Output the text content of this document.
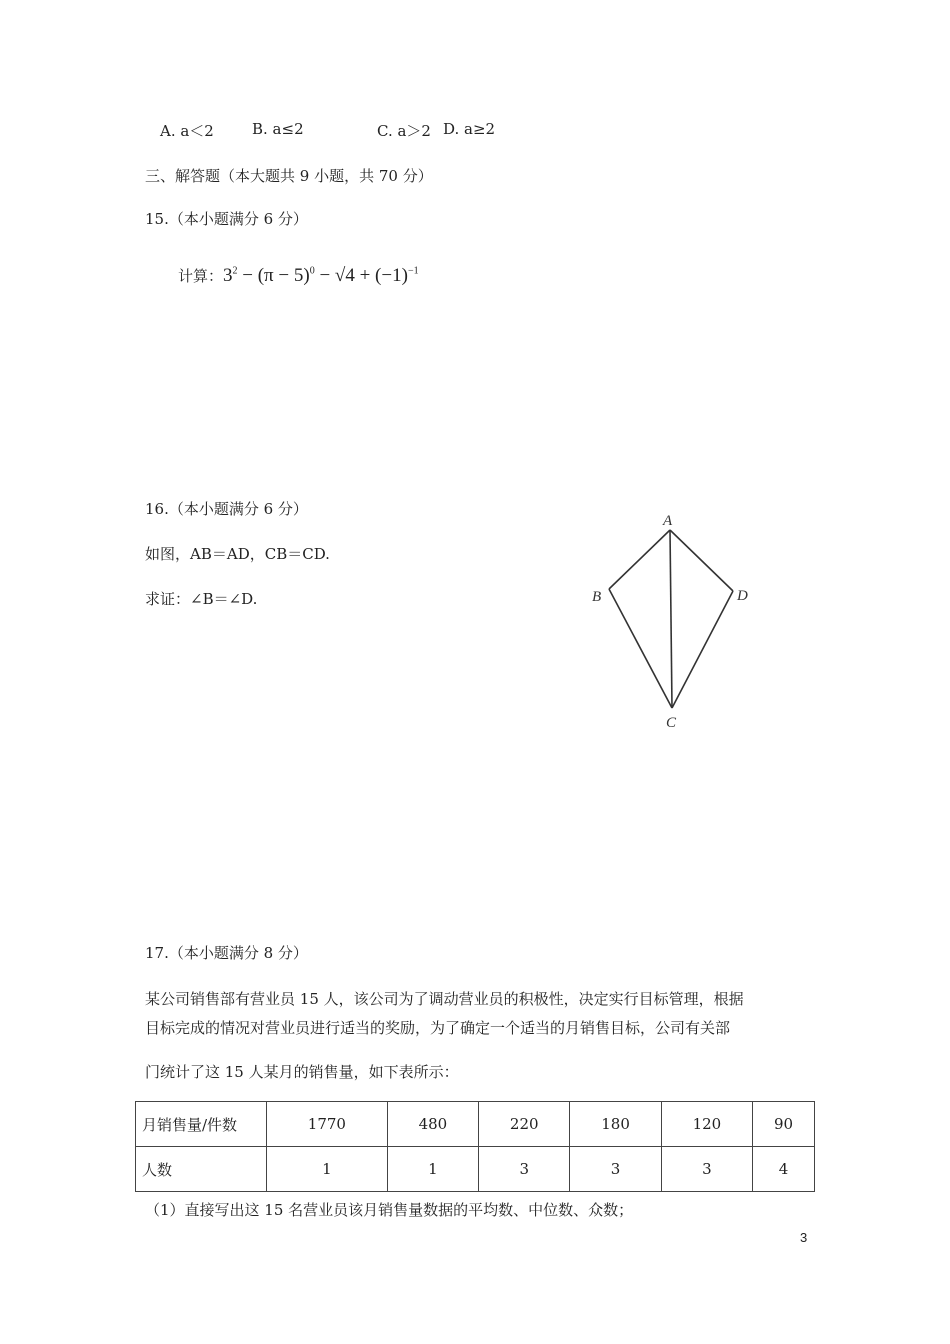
A. a＜2	B. a≤2	C. a＞2 D. a≥2
三、解答题（本大题共 9 小题，共 70 分）
15.（本小题满分 6 分）
计算：$3^2 - (\pi - 5)^0 - √4 + (-1)^{-1}$
16.（本小题满分 6 分）
如图，AB＝AD，CB＝CD.
求证：∠B＝∠D.
A
B
C
D
17.（本小题满分 8 分）
某公司销售部有营业员 15 人，该公司为了调动营业员的积极性，决定实行目标管理，根据
目标完成的情况对营业员进行适当的奖励，为了确定一个适当的月销售目标，公司有关部
门统计了这 15 人某月的销售量，如下表所示：
月销售量/件数	1770	480	220	180	120	90
人数	1	1	3	3	3	4
（1）直接写出这 15 名营业员该月销售量数据的平均数、中位数、众数；
3
